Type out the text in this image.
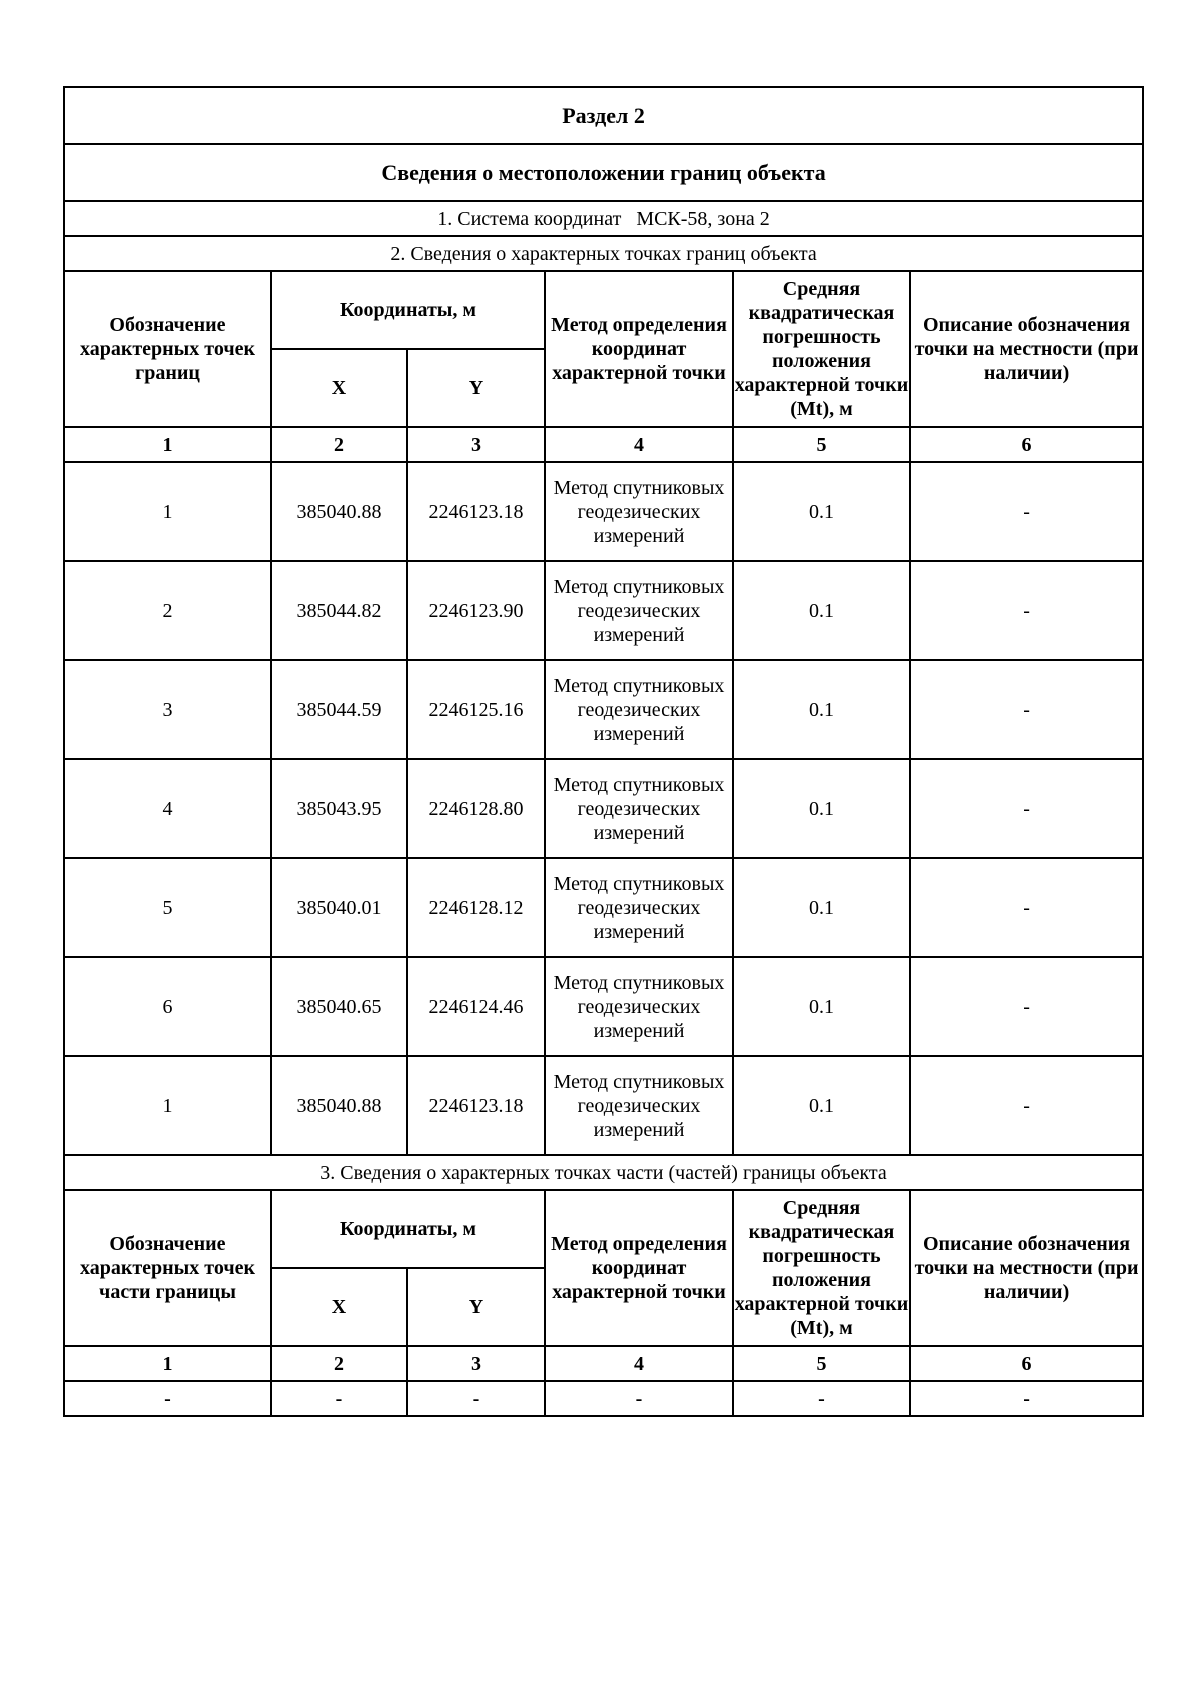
Раздел 2					
Сведения о местоположении границ объекта					
1. Система координат МСК-58, зона 2					
2. Сведения о характерных точках границ объекта					
Обозначение характерных точек границ	Координаты, м		Метод определения координат характерной точки	Средняя квадратическая погрешность положения характерной точки (Mt), м	Описание обозначения точки на местности (при наличии)
	X	Y			
1	2	3	4	5	6
1	385040.88	2246123.18	Метод спутниковых геодезических измерений	0.1	-
2	385044.82	2246123.90	Метод спутниковых геодезических измерений	0.1	-
3	385044.59	2246125.16	Метод спутниковых геодезических измерений	0.1	-
4	385043.95	2246128.80	Метод спутниковых геодезических измерений	0.1	-
5	385040.01	2246128.12	Метод спутниковых геодезических измерений	0.1	-
6	385040.65	2246124.46	Метод спутниковых геодезических измерений	0.1	-
1	385040.88	2246123.18	Метод спутниковых геодезических измерений	0.1	-
3. Сведения о характерных точках части (частей) границы объекта					
Обозначение характерных точек части границы	Координаты, м		Метод определения координат характерной точки	Средняя квадратическая погрешность положения характерной точки (Mt), м	Описание обозначения точки на местности (при наличии)
	X	Y			
1	2	3	4	5	6
-	-	-	-	-	-
